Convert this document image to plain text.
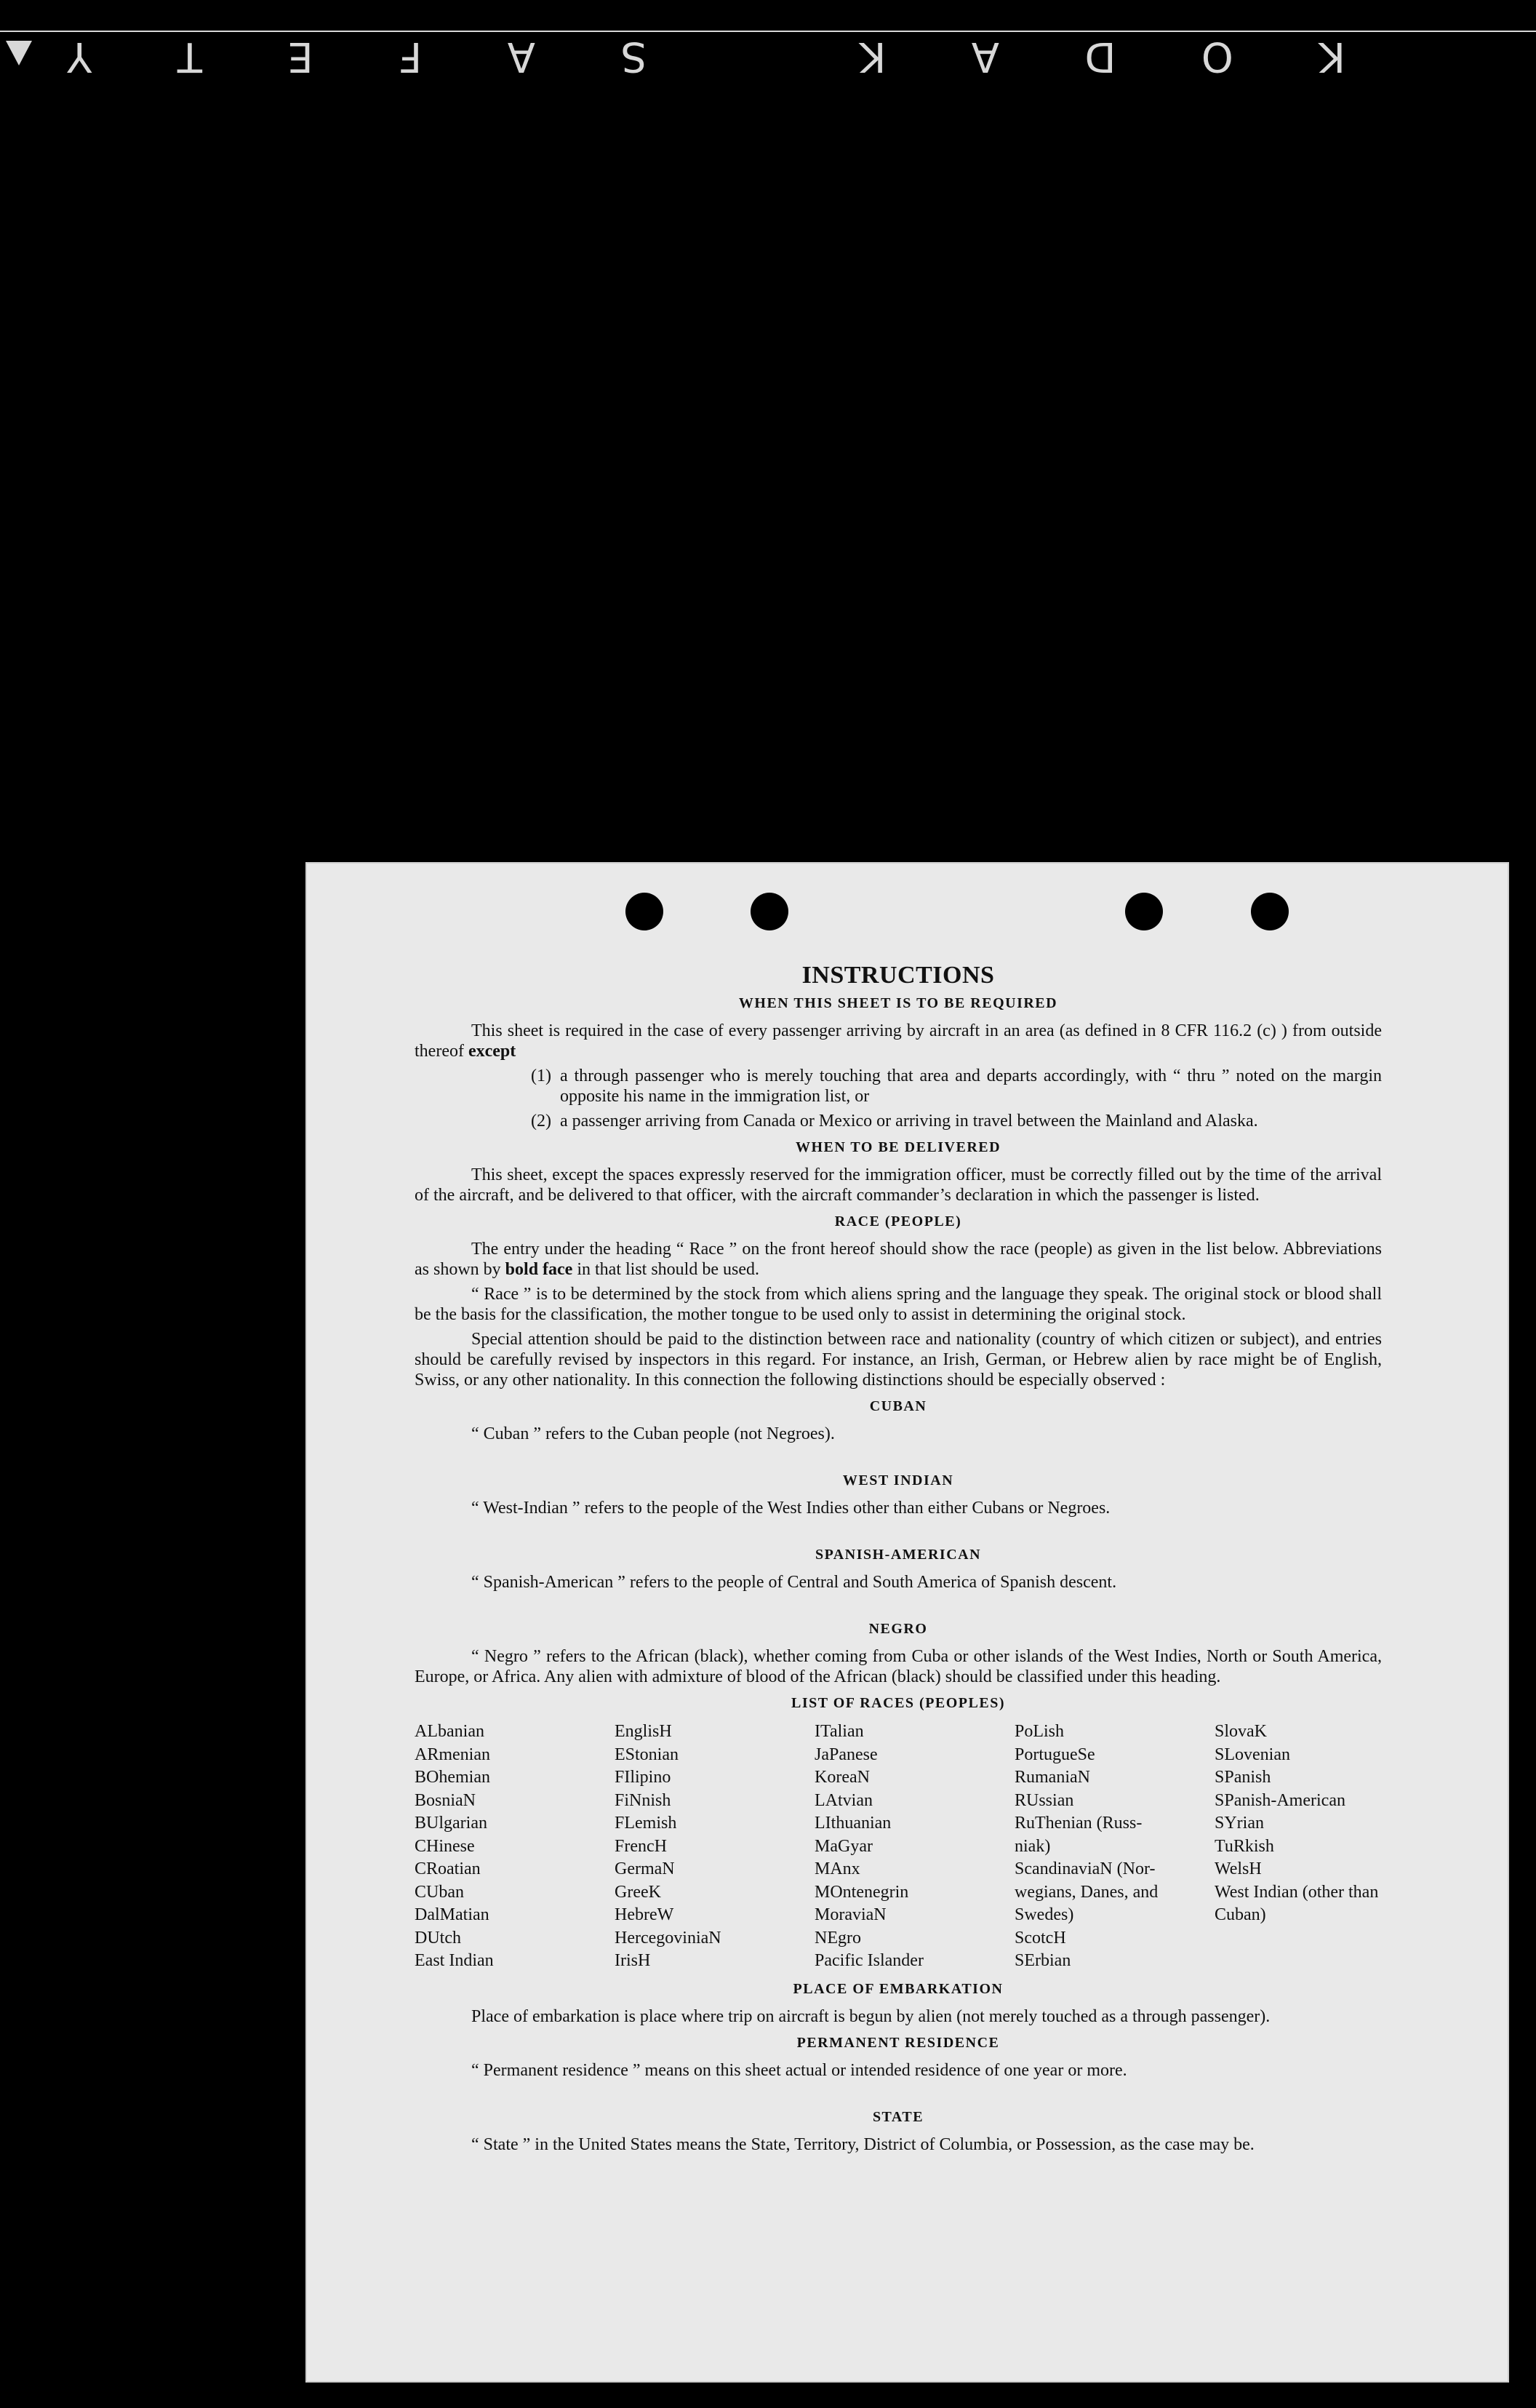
K
O
D
A
K
S
A
F
E
T
Y
INSTRUCTIONS
WHEN THIS SHEET IS TO BE REQUIRED

This sheet is required in the case of every passenger arriving by aircraft in an area (as defined in 8 CFR 116.2 (c) ) from outside thereof except

(1) a through passenger who is merely touching that area and departs accordingly, with “ thru ” noted on the margin opposite his name in the immigration list, or
(2) a passenger arriving from Canada or Mexico or arriving in travel between the Mainland and Alaska.
WHEN TO BE DELIVERED

This sheet, except the spaces expressly reserved for the immigration officer, must be correctly filled out by the time of the arrival of the aircraft, and be delivered to that officer, with the aircraft commander’s declaration in which the passenger is listed.

RACE (PEOPLE)

The entry under the heading “ Race ” on the front hereof should show the race (people) as given in the list below. Abbreviations as shown by bold face in that list should be used.

“ Race ” is to be determined by the stock from which aliens spring and the language they speak. The original stock or blood shall be the basis for the classification, the mother tongue to be used only to assist in determining the original stock.

Special attention should be paid to the distinction between race and nationality (country of which citizen or subject), and entries should be carefully revised by inspectors in this regard. For instance, an Irish, German, or Hebrew alien by race might be of English, Swiss, or any other nationality. In this connection the following distinctions should be especially observed :

CUBAN

“ Cuban ” refers to the Cuban people (not Negroes).

WEST INDIAN

“ West-Indian ” refers to the people of the West Indies other than either Cubans or Negroes.

SPANISH-AMERICAN

“ Spanish-American ” refers to the people of Central and South America of Spanish descent.

NEGRO

“ Negro ” refers to the African (black), whether coming from Cuba or other islands of the West Indies, North or South America, Europe, or Africa. Any alien with admixture of blood of the African (black) should be classified under this heading.

LIST OF RACES (PEOPLES)
ALbanian
ARmenian
BOhemian
BosniaN
BUlgarian
CHinese
CRoatian
CUban
DalMatian
DUtch
East Indian
EnglisH
EStonian
FIlipino
FiNnish
FLemish
FrencH
GermaN
GreeK
HebreW
HercegoviniaN
IrisH
ITalian
JaPanese
KoreaN
LAtvian
LIthuanian
MaGyar
MAnx
MOntenegrin
MoraviaN
NEgro
Pacific Islander
PoLish
PortugueSe
RumaniaN
RUssian
RuThenian (Russ-niak)
ScandinaviaN (Nor-wegians, Danes, and Swedes)
ScotcH
SErbian
SlovaK
SLovenian
SPanish
SPanish-American
SYrian
TuRkish
WelsH
West Indian (other than Cuban)
PLACE OF EMBARKATION

Place of embarkation is place where trip on aircraft is begun by alien (not merely touched as a through passenger).

PERMANENT RESIDENCE

“ Permanent residence ” means on this sheet actual or intended residence of one year or more.

STATE

“ State ” in the United States means the State, Territory, District of Columbia, or Possession, as the case may be.
